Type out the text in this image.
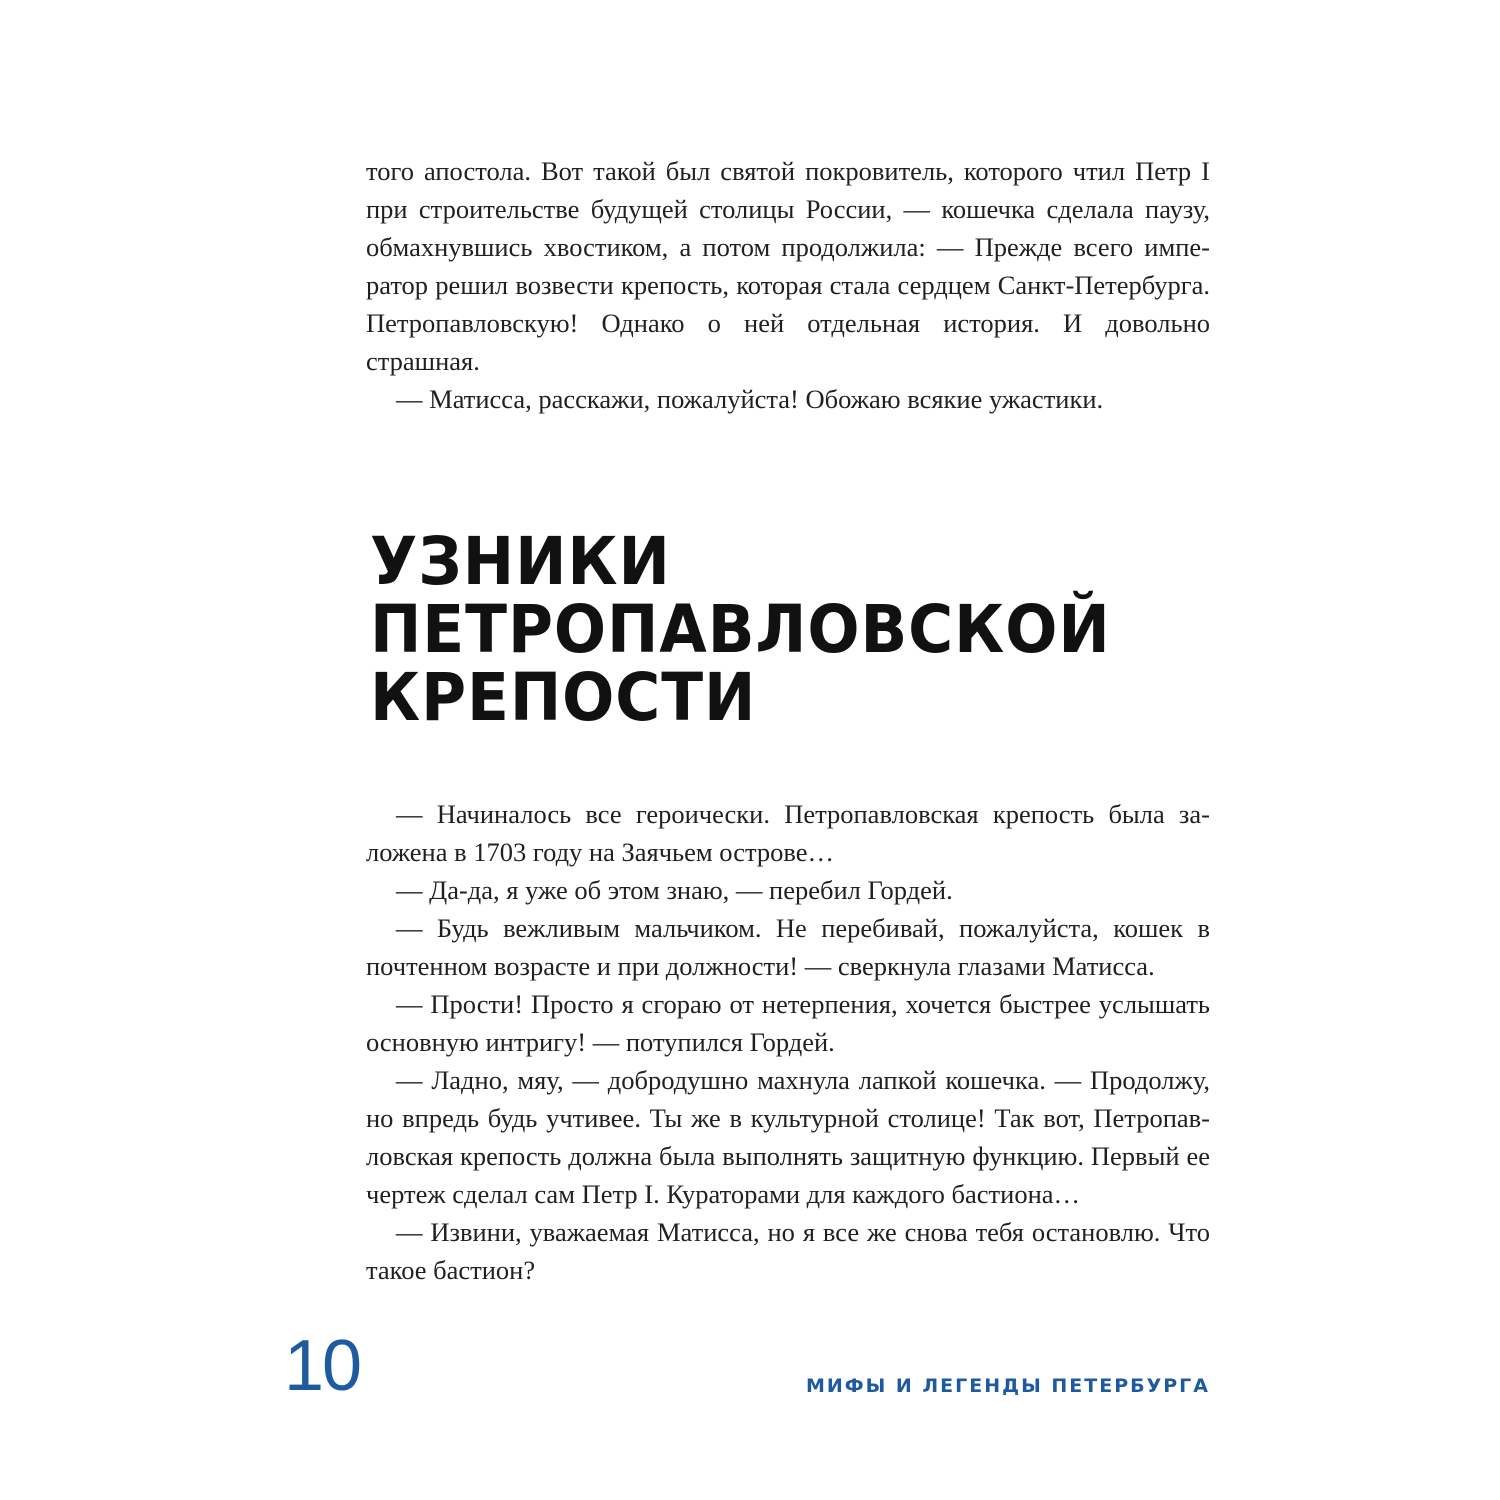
того апостола. Вот такой был святой покровитель, которого чтил Петр I при строительстве будущей столицы России, — кошечка сделала паузу, обмахнувшись хвостиком, а потом продолжила: — Прежде всего император решил возвести крепость, которая стала сердцем Санкт-Петербурга. Петропавловскую! Однако о ней отдельная история. И довольно страшная.

— Матисса, расскажи, пожалуйста! Обожаю всякие ужастики.

УЗНИКИ
ПЕТРОПАВЛОВСКОЙ
КРЕПОСТИ

— Начиналось все героически. Петропавловская крепость была заложена в 1703 году на Заячьем острове…

— Да-да, я уже об этом знаю, — перебил Гордей.

— Будь вежливым мальчиком. Не перебивай, пожалуйста, кошек в почтенном возрасте и при должности! — сверкнула глазами Матисса.

— Прости! Просто я сгораю от нетерпения, хочется быстрее услышать основную интригу! — потупился Гордей.

— Ладно, мяу, — добродушно махнула лапкой кошечка. — Продолжу, но впредь будь учтивее. Ты же в культурной столице! Так вот, Петропавловская крепость должна была выполнять защитную функцию. Первый ее чертеж сделал сам Петр I. Кураторами для каждого бастиона…

— Извини, уважаемая Матисса, но я все же снова тебя остановлю. Что такое бастион?

10	МИФЫ И ЛЕГЕНДЫ ПЕТЕРБУРГА
